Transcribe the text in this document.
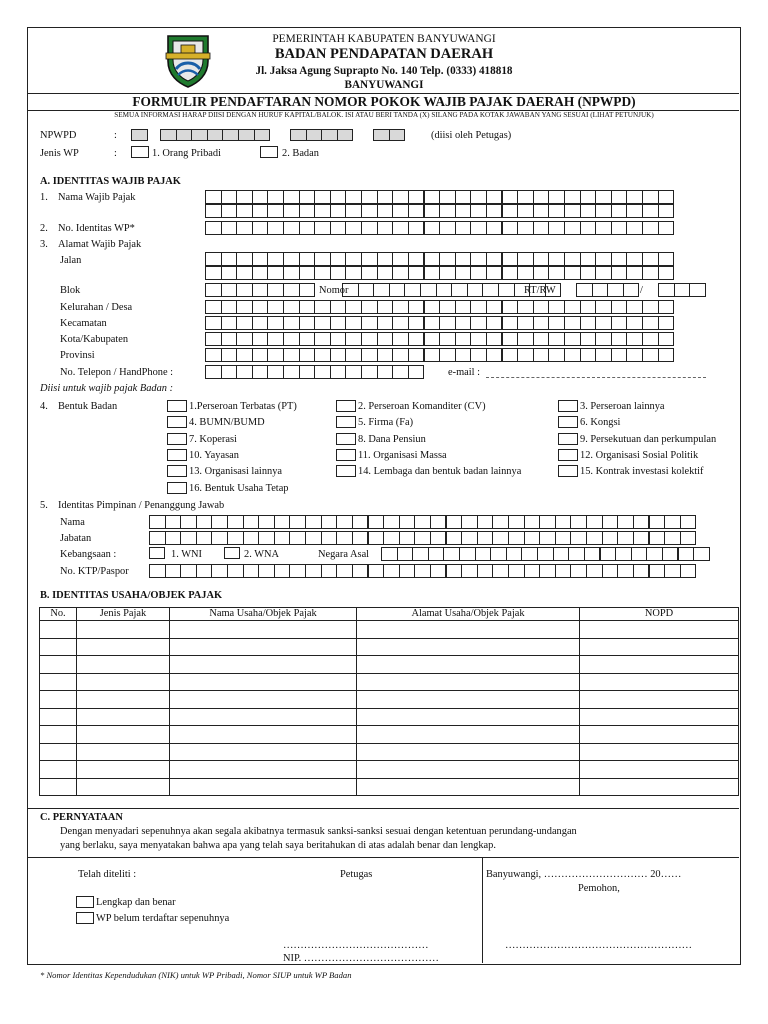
PEMERINTAH KABUPATEN BANYUWANGI
BADAN PENDAPATAN DAERAH
Jl. Jaksa Agung Suprapto No. 140 Telp. (0333) 418818
BANYUWANGI
FORMULIR PENDAFTARAN NOMOR POKOK WAJIB PAJAK DAERAH (NPWPD)
SEMUA INFORMASI HARAP DIISI DENGAN HURUF KAPITAL/BALOK. ISI ATAU BERI TANDA (X) SILANG PADA KOTAK JAWABAN YANG SESUAI (LIHAT PETUNJUK)
NPWPD	:	(diisi oleh Petugas)
Jenis WP	:	1. Orang Pribadi	2. Badan
A. IDENTITAS WAJIB PAJAK
1. Nama Wajib Pajak
2. No. Identitas WP*
3. Alamat Wajib Pajak
Jalan
Blok	Nomor	RT/RW	/
Kelurahan / Desa
Kecamatan
Kota/Kabupaten
Provinsi
No. Telepon / HandPhone :	e-mail :
Diisi untuk wajib pajak Badan :
4. Bentuk Badan
5. Identitas Pimpinan / Penanggung Jawab
Nama
Jabatan
Kebangsaan :	1. WNI	2. WNA	Negara Asal
No. KTP/Paspor
B. IDENTITAS USAHA/OBJEK PAJAK
No.	Jenis Pajak	Nama Usaha/Objek Pajak	Alamat Usaha/Objek Pajak	NOPD

C. PERNYATAAN
Dengan menyadari sepenuhnya akan segala akibatnya termasuk sanksi-sanksi sesuai dengan ketentuan perundang-undangan
yang berlaku, saya menyatakan bahwa apa yang telah saya beritahukan di atas adalah benar dan lengkap.
Telah diteliti :	Petugas	Banyuwangi, ………………………… 20……
Pemohon,
Lengkap dan benar
WP belum terdaftar sepenuhnya
……………………………………
NIP. …………………………………
………………………………………………
* Nomor Identitas Kependudukan (NIK) untuk WP Pribadi, Nomor SIUP untuk WP Badan
1.Perseroan Terbatas (PT)	2. Perseroan Komanditer (CV)	3. Perseroan lainnya
4. BUMN/BUMD	5. Firma (Fa)	6. Kongsi
7. Koperasi	8. Dana Pensiun	9. Persekutuan dan perkumpulan
10. Yayasan	11. Organisasi Massa	12. Organisasi Sosial Politik
13. Organisasi lainnya	14. Lembaga dan bentuk badan lainnya	15. Kontrak investasi kolektif
16. Bentuk Usaha Tetap
